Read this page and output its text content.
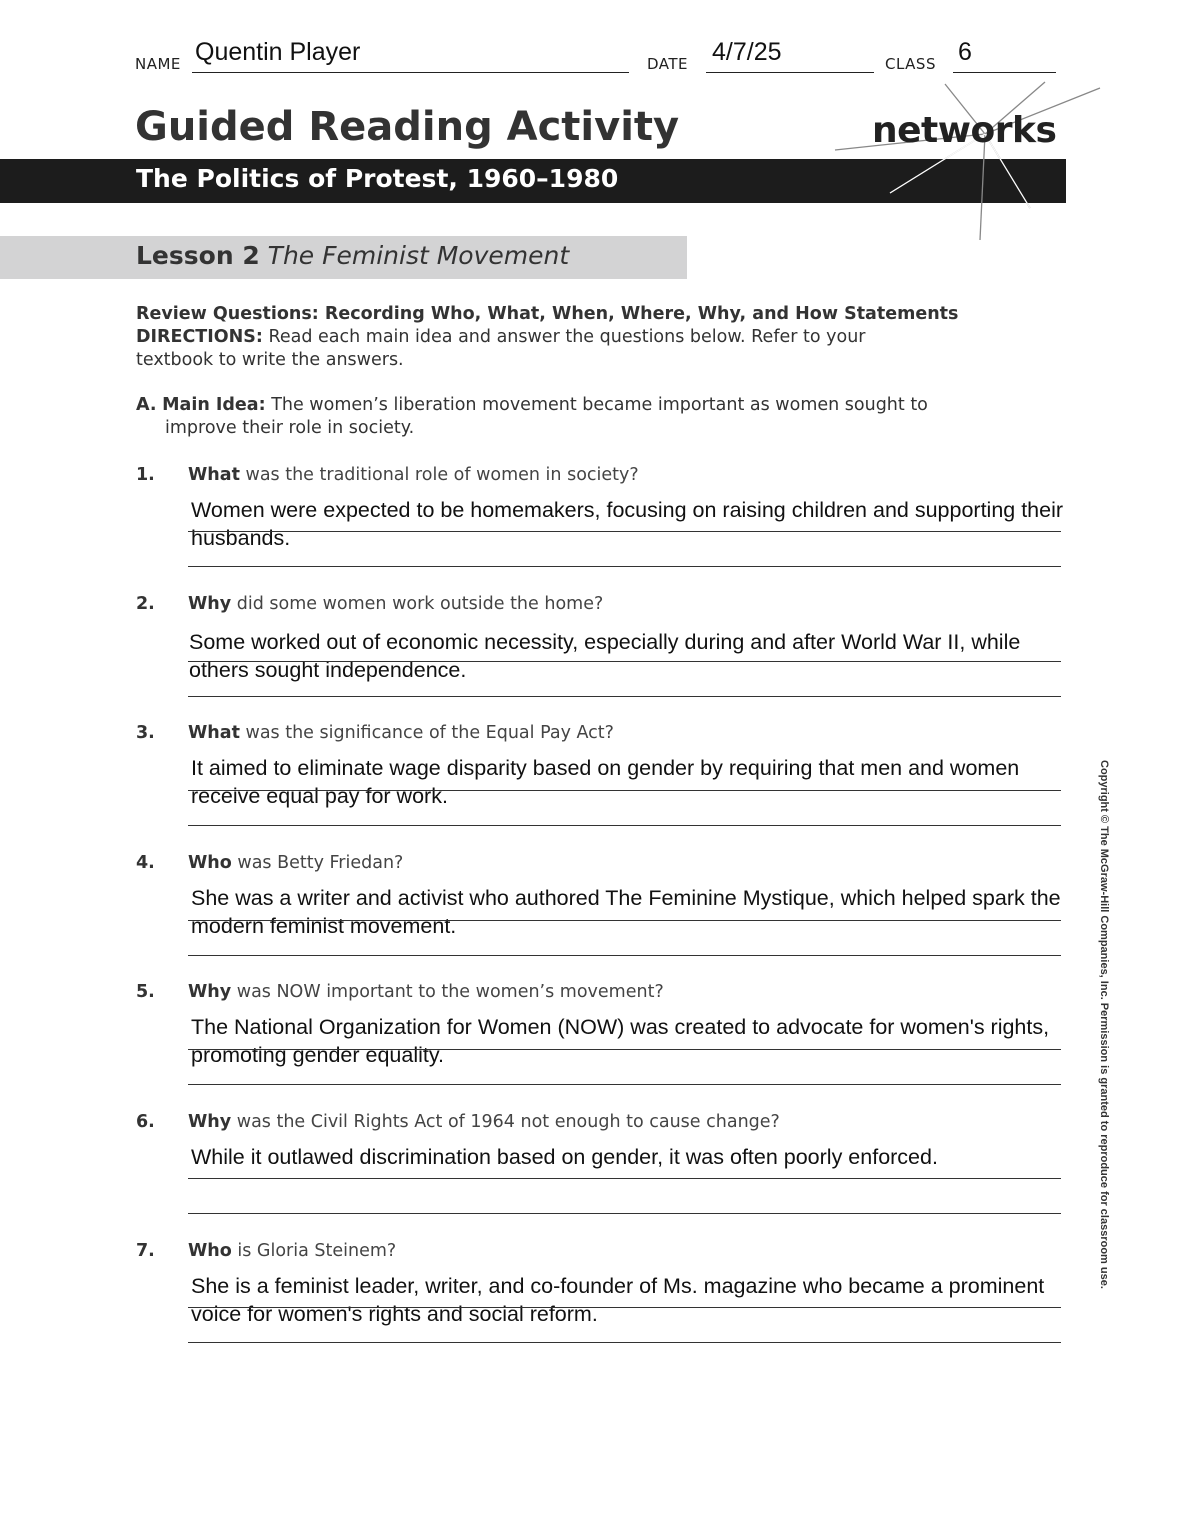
NAME Quentin Player	DATE 4/7/25	CLASS 6
Guided Reading Activity
The Politics of Protest, 1960–1980
networks
Lesson 2 The Feminist Movement
Review Questions: Recording Who, What, When, Where, Why, and How Statements
DIRECTIONS: Read each main idea and answer the questions below. Refer to your
textbook to write the answers.
A. Main Idea: The women’s liberation movement became important as women sought to
improve their role in society.
1. What was the traditional role of women in society?
Women were expected to be homemakers, focusing on raising children and supporting their husbands.
2. Why did some women work outside the home?
Some worked out of economic necessity, especially during and after World War II, while others sought independence.
3. What was the significance of the Equal Pay Act?
It aimed to eliminate wage disparity based on gender by requiring that men and women receive equal pay for work.
4. Who was Betty Friedan?
She was a writer and activist who authored The Feminine Mystique, which helped spark the modern feminist movement.
5. Why was NOW important to the women’s movement?
The National Organization for Women (NOW) was created to advocate for women's rights, promoting gender equality.
6. Why was the Civil Rights Act of 1964 not enough to cause change?
While it outlawed discrimination based on gender, it was often poorly enforced.
7. Who is Gloria Steinem?
She is a feminist leader, writer, and co-founder of Ms. magazine who became a prominent voice for women's rights and social reform.
Copyright © The McGraw-Hill Companies, Inc. Permission is granted to reproduce for classroom use.
